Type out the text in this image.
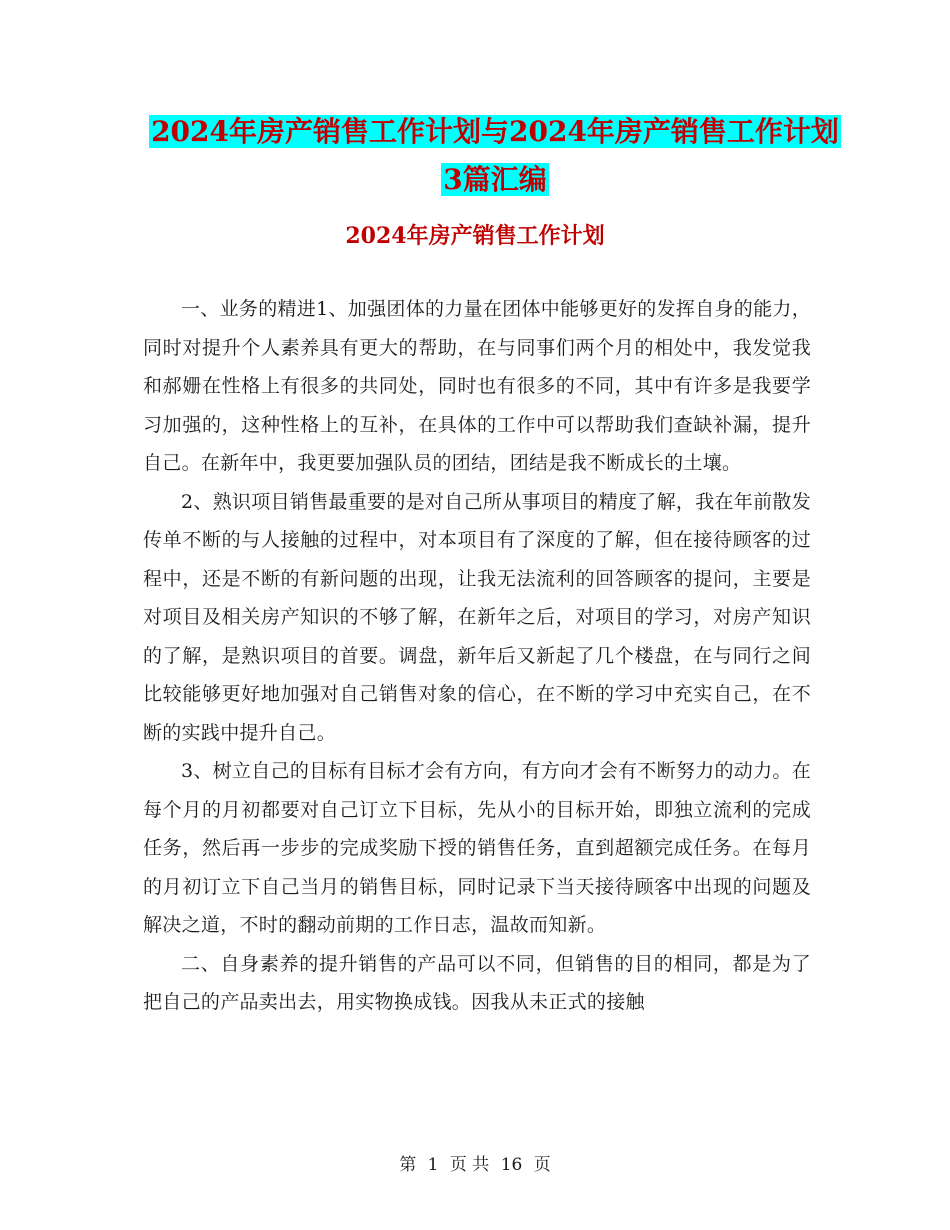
2024年房产销售工作计划与2024年房产销售工作计划
3篇汇编
2024年房产销售工作计划

一、业务的精进1、加强团体的力量在团体中能够更好的发挥自身的能力，同时对提升个人素养具有更大的帮助，在与同事们两个月的相处中，我发觉我和郝姗在性格上有很多的共同处，同时也有很多的不同，其中有许多是我要学习加强的，这种性格上的互补，在具体的工作中可以帮助我们查缺补漏，提升自己。在新年中，我更要加强队员的团结，团结是我不断成长的土壤。

2、熟识项目销售最重要的是对自己所从事项目的精度了解，我在年前散发传单不断的与人接触的过程中，对本项目有了深度的了解，但在接待顾客的过程中，还是不断的有新问题的出现，让我无法流利的回答顾客的提问，主要是对项目及相关房产知识的不够了解，在新年之后，对项目的学习，对房产知识的了解，是熟识项目的首要。调盘，新年后又新起了几个楼盘，在与同行之间比较能够更好地加强对自己销售对象的信心，在不断的学习中充实自己，在不断的实践中提升自己。

3、树立自己的目标有目标才会有方向，有方向才会有不断努力的动力。在每个月的月初都要对自己订立下目标，先从小的目标开始，即独立流利的完成任务，然后再一步步的完成奖励下授的销售任务，直到超额完成任务。在每月的月初订立下自己当月的销售目标，同时记录下当天接待顾客中出现的问题及解决之道，不时的翻动前期的工作日志，温故而知新。

二、自身素养的提升销售的产品可以不同，但销售的目的相同，都是为了把自己的产品卖出去，用实物换成钱。因我从未正式的接触

第 1 页 共 16 页
